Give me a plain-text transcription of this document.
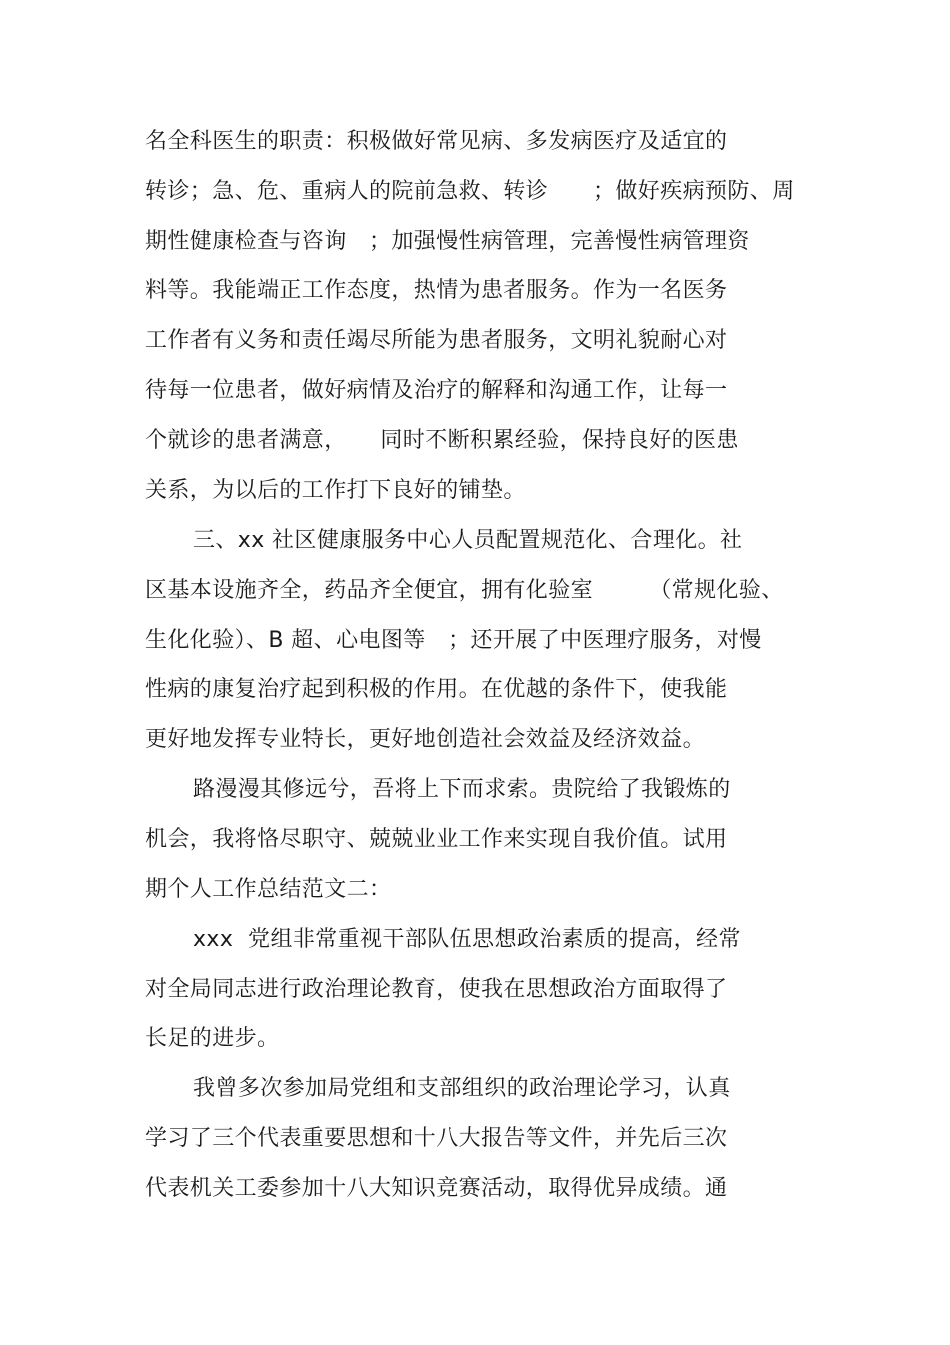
名全科医生的职责：积极做好常见病、多发病医疗及适宜的
转诊；急、危、重病人的院前急救、转诊　　；做好疾病预防、周
期性健康检查与咨询　；加强慢性病管理，完善慢性病管理资
料等。我能端正工作态度，热情为患者服务。作为一名医务
工作者有义务和责任竭尽所能为患者服务，文明礼貌耐心对
待每一位患者，做好病情及治疗的解释和沟通工作，让每一
个就诊的患者满意，　　同时不断积累经验，保持良好的医患
关系，为以后的工作打下良好的铺垫。
三、xx 社区健康服务中心人员配置规范化、合理化。社
区基本设施齐全，药品齐全便宜，拥有化验室　　　（常规化验、
生化化验）、B 超、心电图等　；还开展了中医理疗服务，对慢
性病的康复治疗起到积极的作用。在优越的条件下，使我能
更好地发挥专业特长，更好地创造社会效益及经济效益。
路漫漫其修远兮，吾将上下而求索。贵院给了我锻炼的
机会，我将恪尽职守、兢兢业业工作来实现自我价值。试用
期个人工作总结范文二：
xxx  党组非常重视干部队伍思想政治素质的提高，经常
对全局同志进行政治理论教育，使我在思想政治方面取得了
长足的进步。
我曾多次参加局党组和支部组织的政治理论学习，认真
学习了三个代表重要思想和十八大报告等文件，并先后三次
代表机关工委参加十八大知识竞赛活动，取得优异成绩。通
